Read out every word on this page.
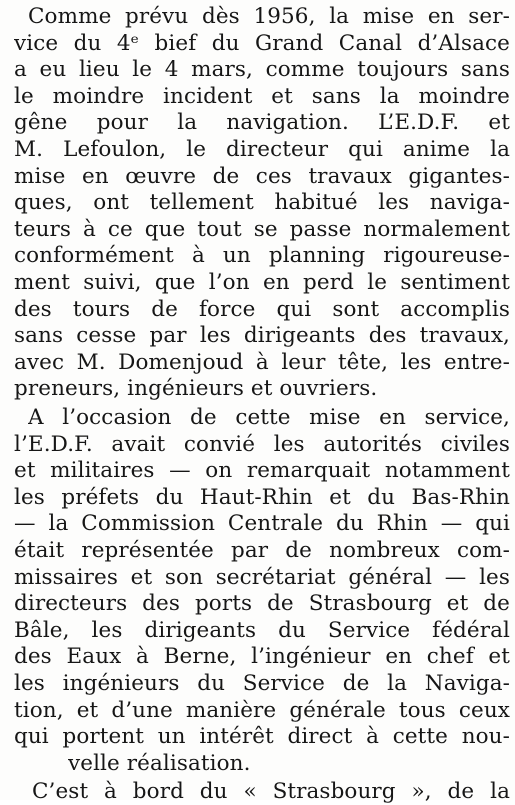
Comme prévu dès 1956, la mise en ser-
vice du 4ᵉ bief du Grand Canal d’Alsace
a eu lieu le 4 mars, comme toujours sans
le moindre incident et sans la moindre
gêne pour la navigation. L’E.D.F. et
M. Lefoulon, le directeur qui anime la
mise en œuvre de ces travaux gigantes-
ques, ont tellement habitué les naviga-
teurs à ce que tout se passe normalement
conformément à un planning rigoureuse-
ment suivi, que l’on en perd le sentiment
des tours de force qui sont accomplis
sans cesse par les dirigeants des travaux,
avec M. Domenjoud à leur tête, les entre-
preneurs, ingénieurs et ouvriers.
A l’occasion de cette mise en service,
l’E.D.F. avait convié les autorités civiles
et militaires — on remarquait notamment
les préfets du Haut-Rhin et du Bas-Rhin
— la Commission Centrale du Rhin — qui
était représentée par de nombreux com-
missaires et son secrétariat général — les
directeurs des ports de Strasbourg et de
Bâle, les dirigeants du Service fédéral
des Eaux à Berne, l’ingénieur en chef et
les ingénieurs du Service de la Naviga-
tion, et d’une manière générale tous ceux
qui portent un intérêt direct à cette nou-
velle réalisation.
C’est à bord du « Strasbourg », de la
